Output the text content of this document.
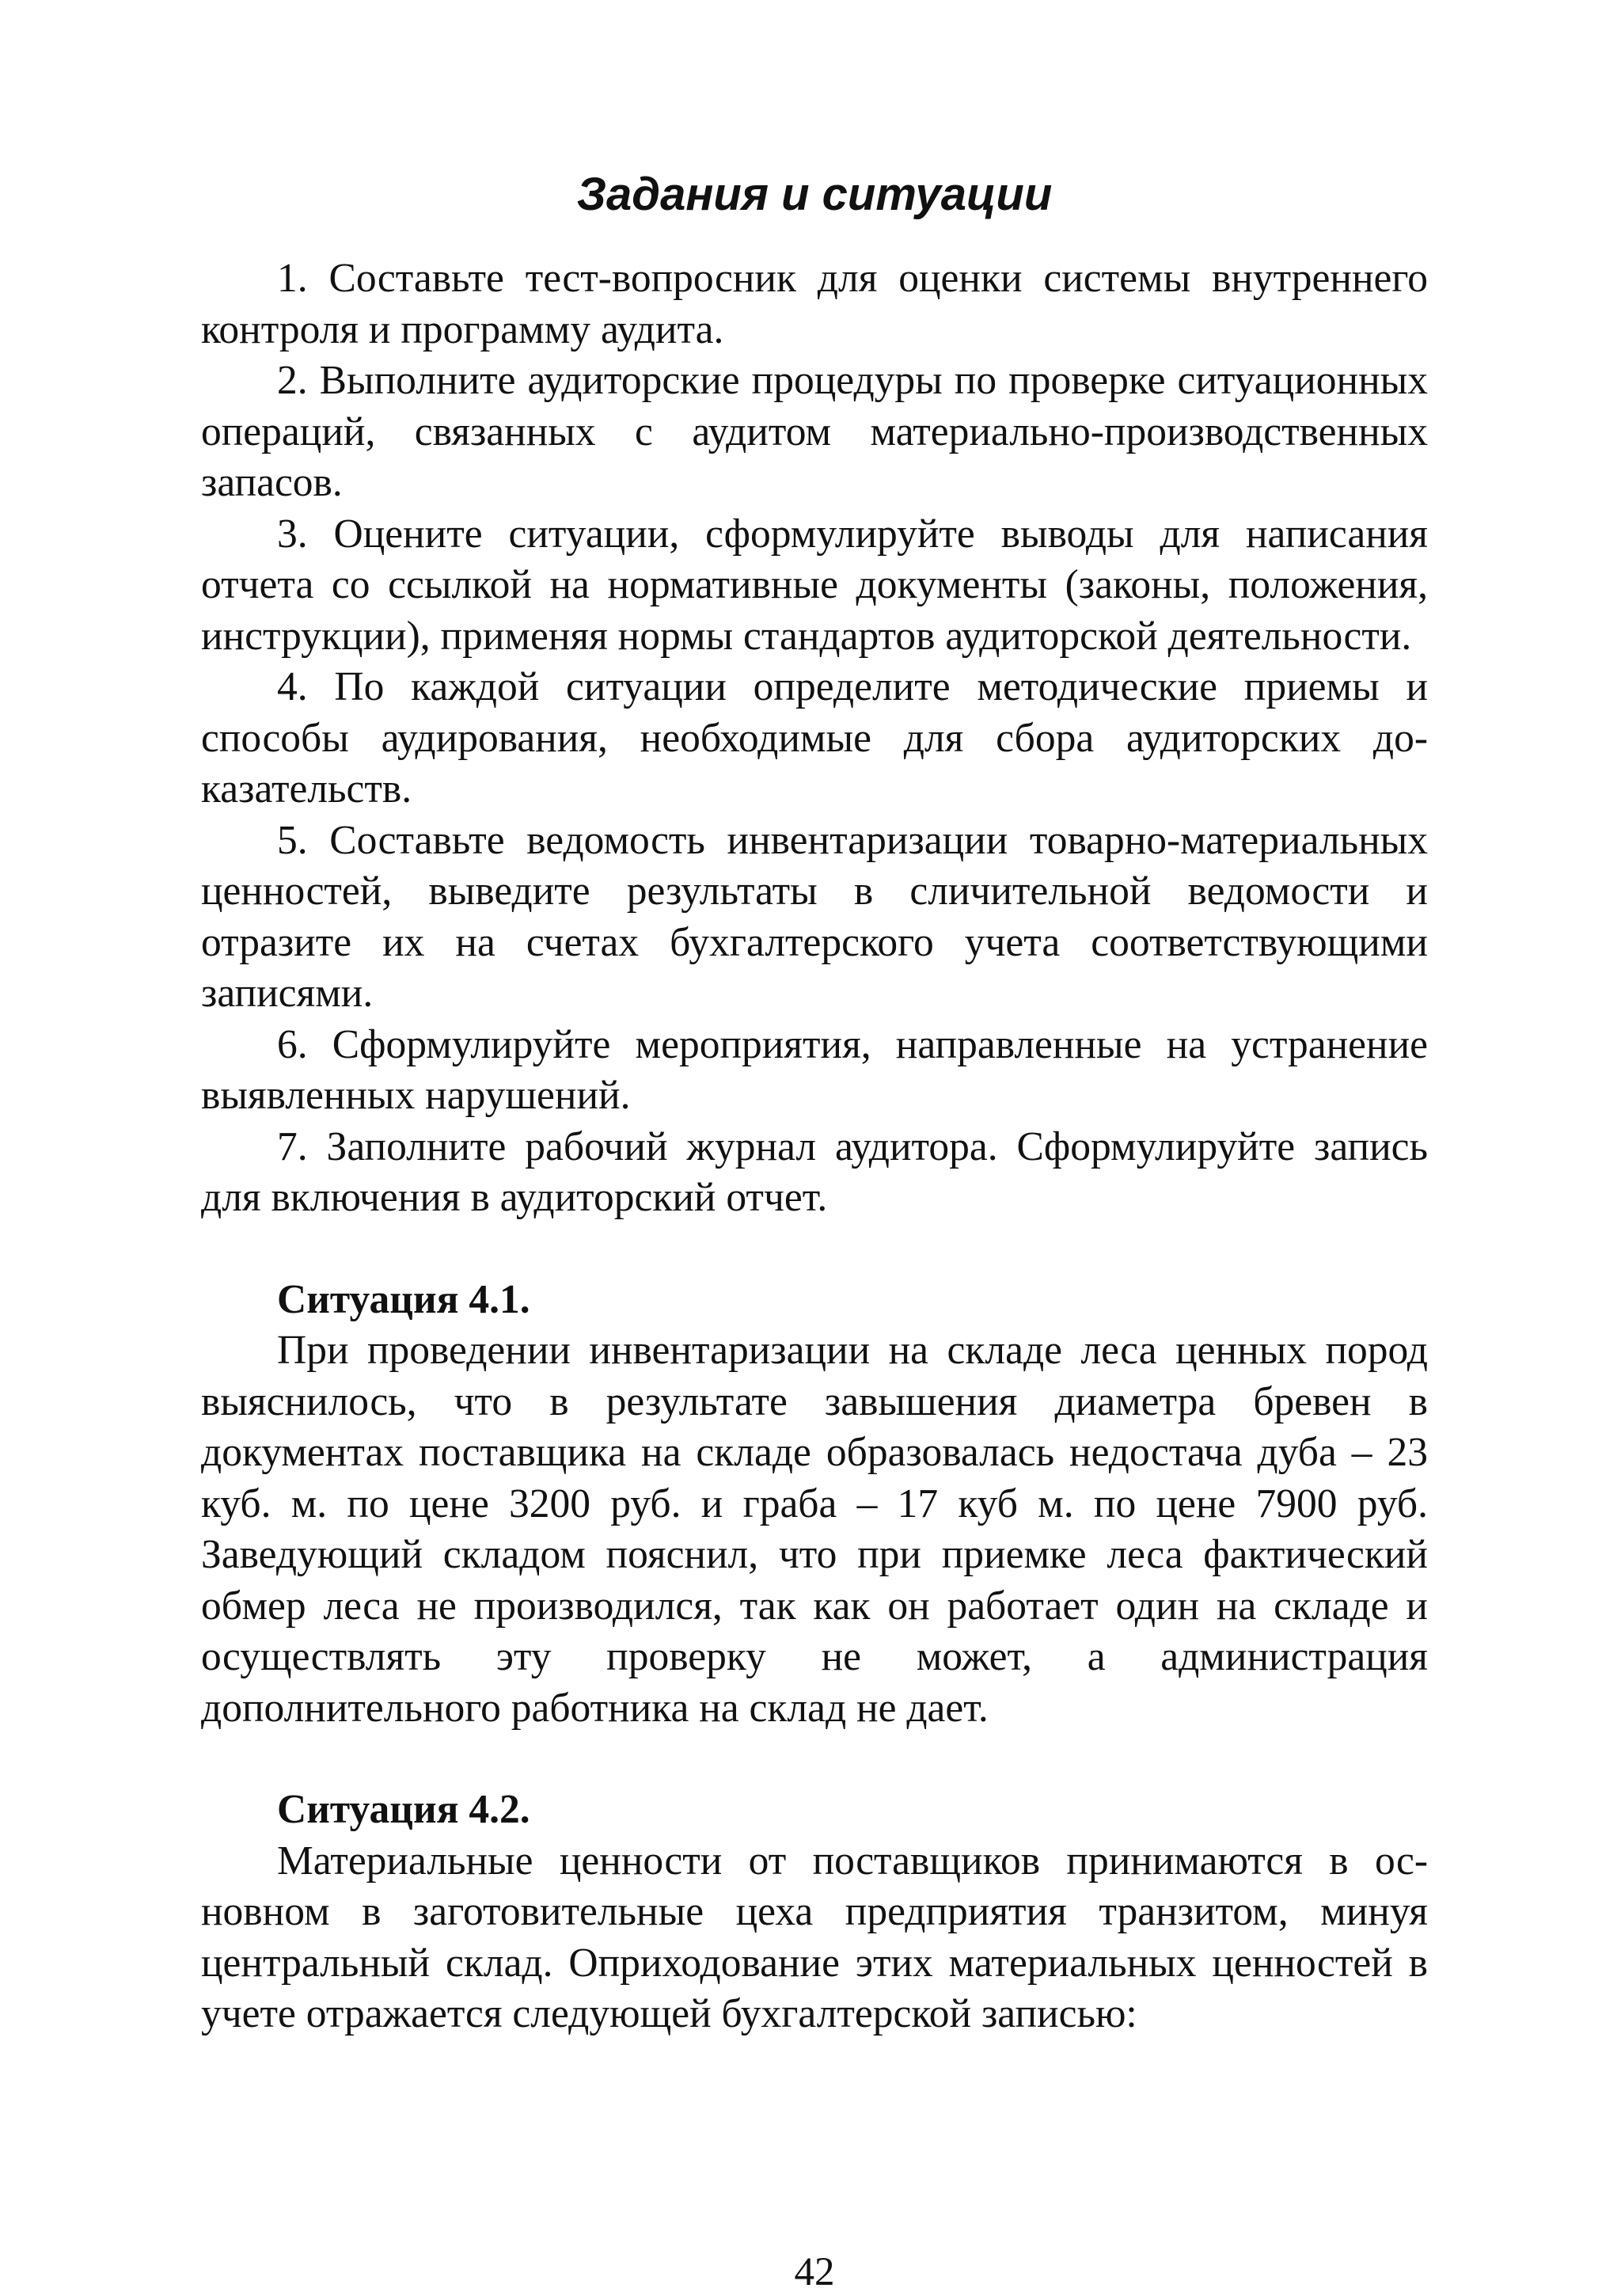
Задания и ситуации

1. Составьте тест-вопросник для оценки системы внутреннего контроля и программу аудита.

2. Выполните аудиторские процедуры по проверке ситуационных операций, связанных с аудитом материально-производственных запасов.

3. Оцените ситуации, сформулируйте выводы для написания отчета со ссылкой на нормативные документы (законы, положения, инструкции), применяя нормы стандартов аудиторской деятельности.

4. По каждой ситуации определите методические приемы и способы аудирования, необходимые для сбора аудиторских доказательств.

5. Составьте ведомость инвентаризации товарно-материальных ценностей, выведите результаты в сличительной ведомости и отразите их на счетах бухгалтерского учета соответствующими записями.

6. Сформулируйте мероприятия, направленные на устранение выявленных нарушений.

7. Заполните рабочий журнал аудитора. Сформулируйте запись для включения в аудиторский отчет.

Ситуация 4.1.

При проведении инвентаризации на складе леса ценных пород выяснилось, что в результате завышения диаметра бревен в документах поставщика на складе образовалась недостача дуба – 23 куб. м. по цене 3200 руб. и граба – 17 куб м. по цене 7900 руб. Заведующий складом пояснил, что при приемке леса фактический обмер леса не производился, так как он работает один на складе и осуществлять эту проверку не может, а администрация дополнительного работника на склад не дает.

Ситуация 4.2.

Материальные ценности от поставщиков принимаются в основном в заготовительные цеха предприятия транзитом, минуя центральный склад. Оприходование этих материальных ценностей в учете отражается следующей бухгалтерской записью:

42
